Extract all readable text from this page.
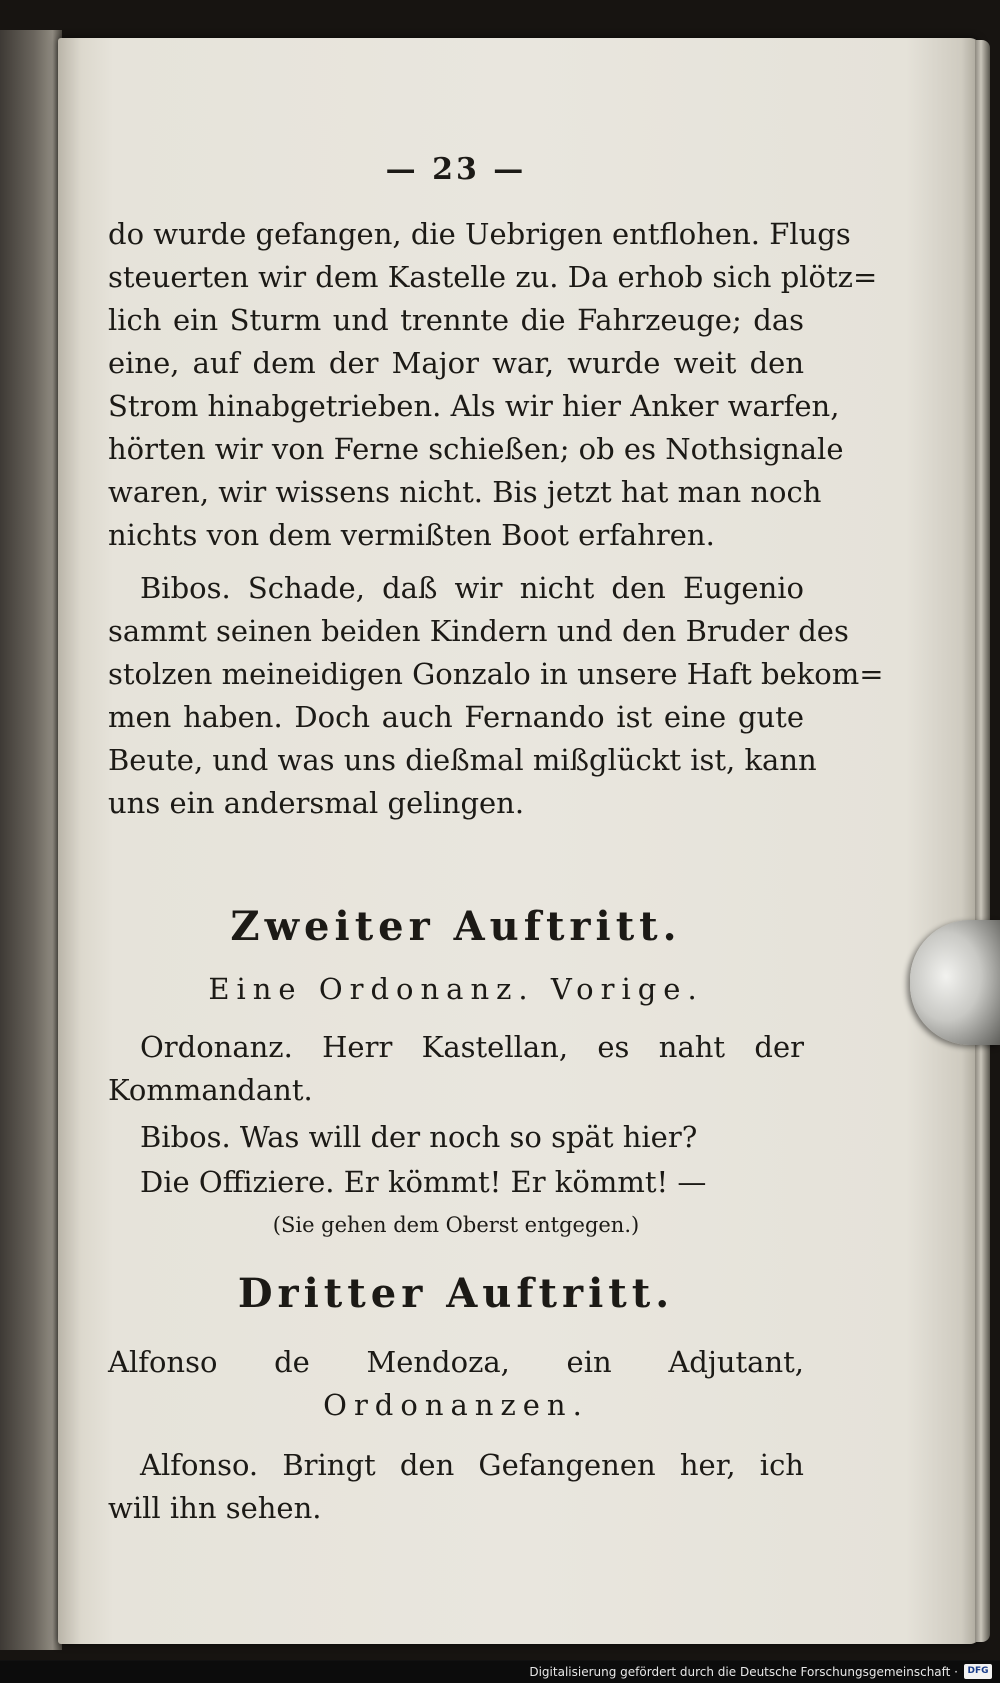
— 23 —

do wurde gefangen, die Uebrigen entflohen. Flugs

steuerten wir dem Kastelle zu. Da erhob sich plötz=

lich ein Sturm und trennte die Fahrzeuge; das

eine, auf dem der Major war, wurde weit den

Strom hinabgetrieben. Als wir hier Anker warfen,

hörten wir von Ferne schießen; ob es Nothsignale

waren, wir wissens nicht. Bis jetzt hat man noch

nichts von dem vermißten Boot erfahren.

Bibos. Schade, daß wir nicht den Eugenio

sammt seinen beiden Kindern und den Bruder des

stolzen meineidigen Gonzalo in unsere Haft bekom=

men haben. Doch auch Fernando ist eine gute

Beute, und was uns dießmal mißglückt ist, kann

uns ein andersmal gelingen.

Zweiter Auftritt.

Eine Ordonanz. Vorige.

Ordonanz. Herr Kastellan, es naht der

Kommandant.

Bibos. Was will der noch so spät hier?

Die Offiziere. Er kömmt! Er kömmt! —

(Sie gehen dem Oberst entgegen.)

Dritter Auftritt.

Alfonso de Mendoza, ein Adjutant,

Ordonanzen.

Alfonso. Bringt den Gefangenen her, ich

will ihn sehen.

Digitalisierung gefördert durch die Deutsche Forschungsgemeinschaft ·	DFG
